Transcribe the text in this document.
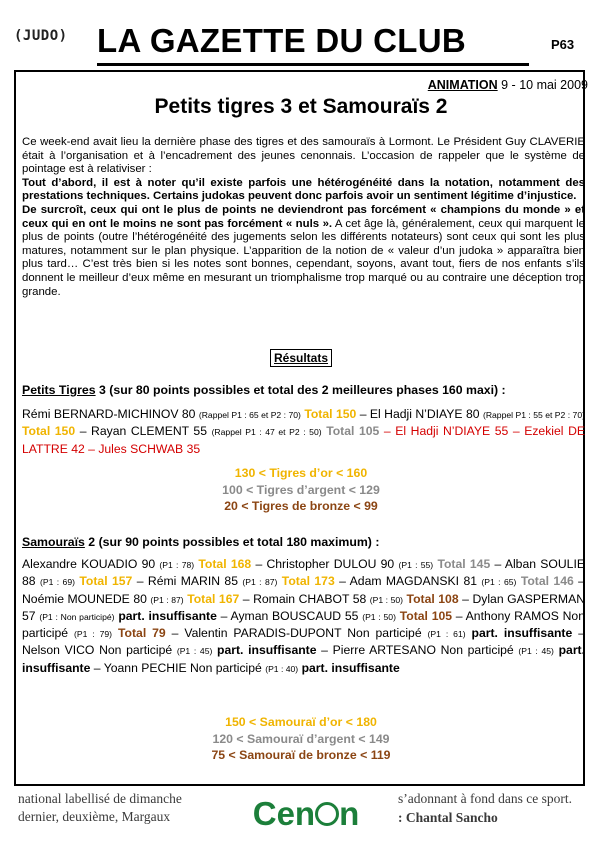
(JUDO) LA GAZETTE DU CLUB	P63
ANIMATION 9 - 10 mai 2009
Petits tigres 3 et Samouraïs 2
Ce week-end avait lieu la dernière phase des tigres et des samouraïs à Lormont. Le Président Guy CLAVERIE était à l’organisation et à l’encadrement des jeunes cenonnais. L’occasion de rappeler que le système de pointage est à relativiser :
Tout d’abord, il est à noter qu’il existe parfois une hétérogénéité dans la notation, notamment des prestations techniques. Certains judokas peuvent donc parfois avoir un sentiment légitime d’injustice.
De surcroît, ceux qui ont le plus de points ne deviendront pas forcément « champions du monde » et ceux qui en ont le moins ne sont pas forcément « nuls ». A cet âge là, généralement, ceux qui marquent le plus de points (outre l’hétérogénéité des jugements selon les différents notateurs) sont ceux qui sont les plus matures, notamment sur le plan physique. L’apparition de la notion de « valeur d’un judoka » apparaîtra bien plus tard… C’est très bien si les notes sont bonnes, cependant, soyons, avant tout, fiers de nos enfants s’ils donnent le meilleur d’eux même en mesurant un triomphalisme trop marqué ou au contraire une déception trop grande.
Résultats
Petits Tigres 3 (sur 80 points possibles et total des 2 meilleures phases 160 maxi) :
Rémi BERNARD-MICHINOV 80 (Rappel P1 : 65 et P2 : 70) Total 150 – El Hadji N’DIAYE 80 (Rappel P1 : 55 et P2 : 70) Total 150 – Rayan CLEMENT 55 (Rappel P1 : 47 et P2 : 50) Total 105 – El Hadji N’DIAYE 55 – Ezekiel DE LATTRE 42 – Jules SCHWAB 35
130 < Tigres d’or < 160
100 < Tigres d’argent < 129
20 < Tigres de bronze < 99
Samouraïs 2 (sur 90 points possibles et total 180 maximum) :
Alexandre KOUADIO 90 (P1 : 78) Total 168 – Christopher DULOU 90 (P1 : 55) Total 145 – Alban SOULIE 88 (P1 : 69) Total 157 – Rémi MARIN 85 (P1 : 87) Total 173 – Adam MAGDANSKI 81 (P1 : 65) Total 146 – Noémie MOUNEDE 80 (P1 : 87) Total 167 – Romain CHABOT 58 (P1 : 50) Total 108 – Dylan GASPERMAN 57 (P1 : Non participé) part. insuffisante – Ayman BOUSCAUD 55 (P1 : 50) Total 105 – Anthony RAMOS Non participé (P1 : 79) Total 79 – Valentin PARADIS-DUPONT Non participé (P1 : 61) part. insuffisante – Nelson VICO Non participé (P1 : 45) part. insuffisante – Pierre ARTESANO Non participé (P1 : 45) part. insuffisante – Yoann PECHIE Non participé (P1 : 40) part. insuffisante
150 < Samouraï d’or < 180
120 < Samouraï d’argent < 149
75 < Samouraï de bronze < 119
national labellisé de dimanche
dernier, deuxième, Margaux
s’adonnant à fond dans ce sport.
: Chantal Sancho
Cen n
